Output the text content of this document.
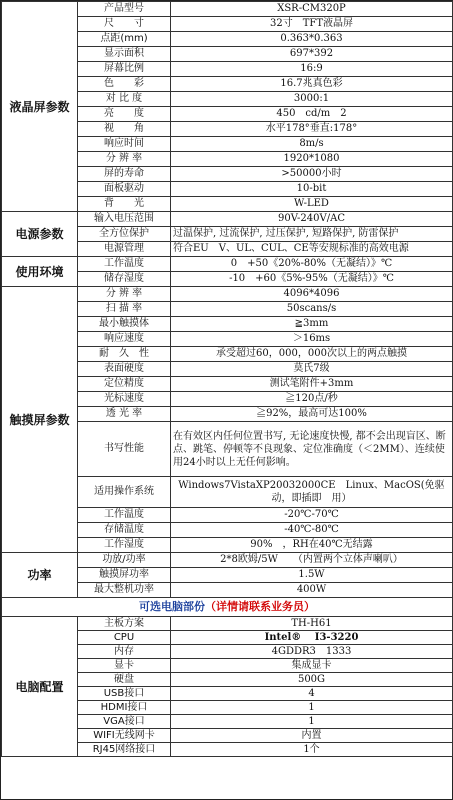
液晶屏参数	产品型号	XSR-CM320P
	尺　　寸	32寸　TFT液晶屏
	点距(mm)	0.363*0.363
	显示面积	697*392
	屏幕比例	16:9
	色　　彩	16.7兆真色彩
	对 比 度	3000:1
	亮　　度	450　cd/m　2
	视　　角	水平178°垂直:178°
	响应时间	8m/s
	分 辨 率	1920*1080
	屏的寿命	>50000小时
	面板驱动	10-bit
	背　　光	W-LED
电源参数	输入电压范围	90V-240V/AC
	全方位保护	过温保护, 过流保护, 过压保护, 短路保护, 防雷保护
	电源管理	符合EU　V、UL、CUL、CE等安规标准的高效电源
使用环境	工作温度	0　+50《20%-80%（无凝结）》℃
	储存湿度	-10　+60《5%-95%（无凝结）》℃
触摸屏参数	分 辨 率	4096*4096
	扫 描 率	50scans/s
	最小触摸体	≧3mm
	响应速度	＞16ms
	耐　久　性	承受超过60，000，000次以上的两点触摸
	表面硬度	莫氏7级
	定位精度	测试笔附件+3mm
	光标速度	≧120点/秒
	透 光 率	≧92%，最高可达100%
	书写性能	在有效区内任何位置书写, 无论速度快慢, 都不会出现盲区、断点、跳笔、停顿等不良现象、定位准确度（＜2MM）、连续使用24小时以上无任何影响。
	适用操作系统	Windows7VistaXP20032000CE　Linux、MacOS(免驱动，即插即　用）
	工作温度	-20℃-70℃
	存储温度	-40℃-80℃
	工作湿度	90%　，RH在40℃无结露
功率	功放/功率	2*8欧姆/5W　　（内置两个立体声喇叭）
	触摸屏功率	1.5W
	最大整机功率	400W
可选电脑部份（详情请联系业务员）		
电脑配置	主板方案	TH-H61
	CPU	Intel® 　I3-3220
	内存	4GDDR3　1333
	显卡	集成显卡
	硬盘	500G
	USB接口	4
	HDMI接口	1
	VGA接口	1
	WIFI无线网卡	内置
	RJ45网络接口	1个
